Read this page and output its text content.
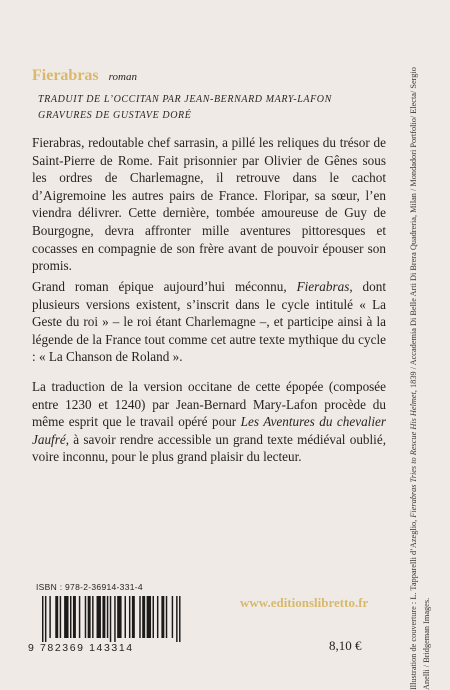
Fierabras roman
TRADUIT DE L’OCCITAN PAR JEAN-BERNARD MARY-LAFON
GRAVURES DE GUSTAVE DORÉ

Fierabras, redoutable chef sarrasin, a pillé les reliques du trésor de Saint-Pierre de Rome. Fait prisonnier par Olivier de Gênes sous les ordres de Charlemagne, il retrouve dans le cachot d’Aigremoine les autres pairs de France. Floripar, sa sœur, l’en viendra délivrer. Cette dernière, tombée amoureuse de Guy de Bourgogne, devra affronter mille aventures pittoresques et cocasses en compagnie de son frère avant de pouvoir épouser son promis.

Grand roman épique aujourd’hui méconnu, Fierabras, dont plusieurs versions existent, s’inscrit dans le cycle intitulé « La Geste du roi » – le roi étant Charlemagne –, et participe ainsi à la légende de la France tout comme cet autre texte mythique du cycle : « La Chanson de Roland ».

La traduction de la version occitane de cette épopée (composée entre 1230 et 1240) par Jean-Bernard Mary-Lafon procède du même esprit que le travail opéré pour Les Aventures du chevalier Jaufré, à savoir rendre accessible un grand texte médiéval oublié, voire inconnu, pour le plus grand plaisir du lecteur.

Illustration de couverture : L. Tapparelli d’Azeglio, Fierabras Tries to Rescue His Helmet, 1839 / Accademia Di Belle Arti Di Brera Quadreria, Milan / Mondadori Portfolio/ Electa/ Sergio Anelli / Bridgeman Images.
ISBN : 978-2-36914-331-4
9 782369 143314
www.editionslibretto.fr
8,10 €
